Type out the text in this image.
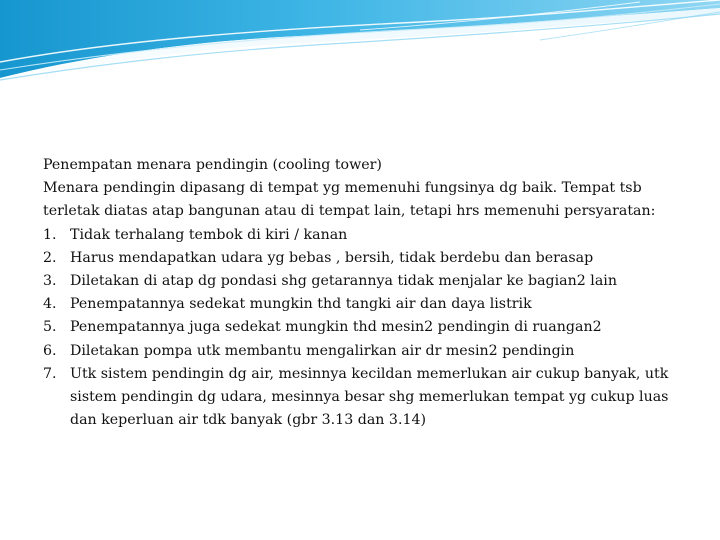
Penempatan menara pendingin (cooling tower)

Menara pendingin dipasang di tempat yg memenuhi fungsinya dg baik. Tempat tsb terletak diatas atap bangunan atau di tempat lain, tetapi hrs memenuhi persyaratan:

1. Tidak terhalang tembok di kiri / kanan
2. Harus mendapatkan udara yg bebas , bersih, tidak berdebu dan berasap
3. Diletakan di atap dg pondasi shg getarannya tidak menjalar ke bagian2 lain
4. Penempatannya sedekat mungkin thd tangki air dan daya listrik
5. Penempatannya juga sedekat mungkin thd mesin2 pendingin di ruangan2
6. Diletakan pompa utk membantu mengalirkan air dr mesin2 pendingin
7. Utk sistem pendingin dg air, mesinnya kecildan memerlukan air cukup banyak, utk sistem pendingin dg udara, mesinnya besar shg memerlukan tempat yg cukup luas dan keperluan air tdk banyak (gbr 3.13 dan 3.14)
